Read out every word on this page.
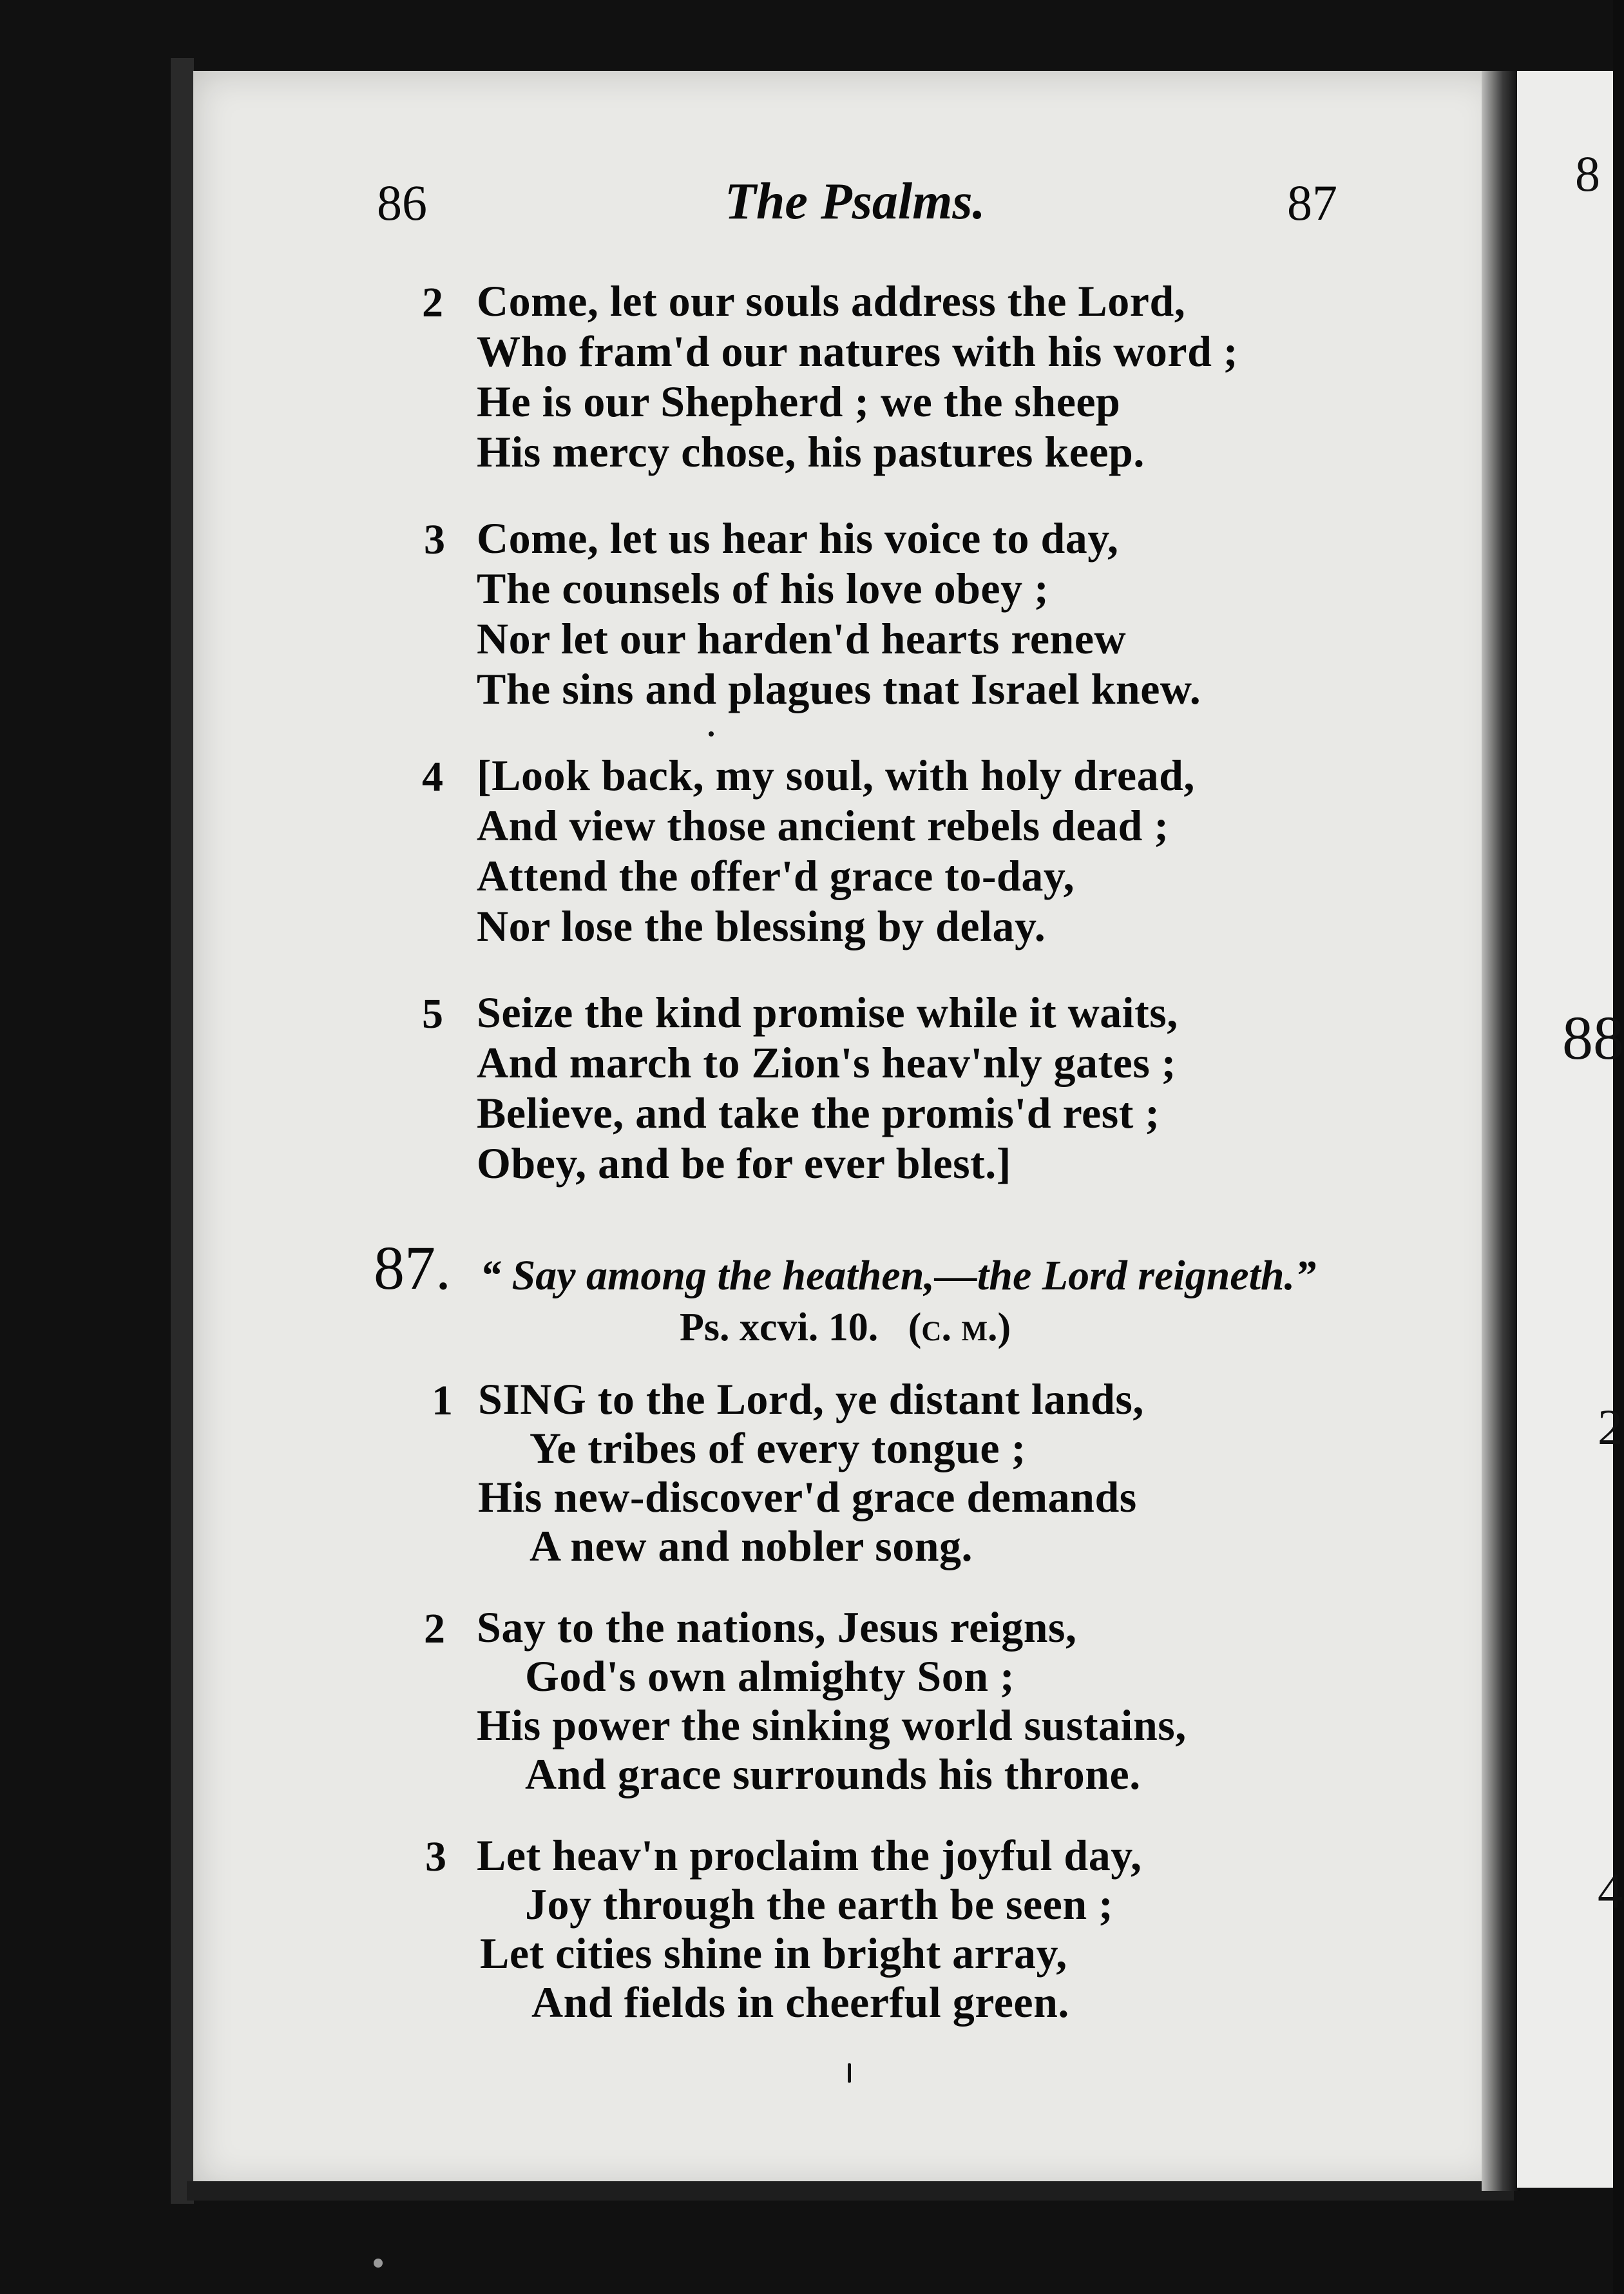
8
88
2
4
86	The Psalms.	87
2 Come, let our souls address the Lord,
Who fram'd our natures with his word ;
He is our Shepherd ; we the sheep
His mercy chose, his pastures keep.
3 Come, let us hear his voice to day,
The counsels of his love obey ;
Nor let our harden'd hearts renew
The sins and plagues tnat Israel knew.
4 [Look back, my soul, with holy dread,
And view those ancient rebels dead ;
Attend the offer'd grace to-day,
Nor lose the blessing by delay.
5 Seize the kind promise while it waits,
And march to Zion's heav'nly gates ;
Believe, and take the promis'd rest ;
Obey, and be for ever blest.]
87. “ Say among the heathen,—the Lord reigneth.”
Ps. xcvi. 10. (c. m.)
1 SING to the Lord, ye distant lands,
Ye tribes of every tongue ;
His new-discover'd grace demands
A new and nobler song.
2 Say to the nations, Jesus reigns,
God's own almighty Son ;
His power the sinking world sustains,
And grace surrounds his throne.
3 Let heav'n proclaim the joyful day,
Joy through the earth be seen ;
Let cities shine in bright array,
And fields in cheerful green.
